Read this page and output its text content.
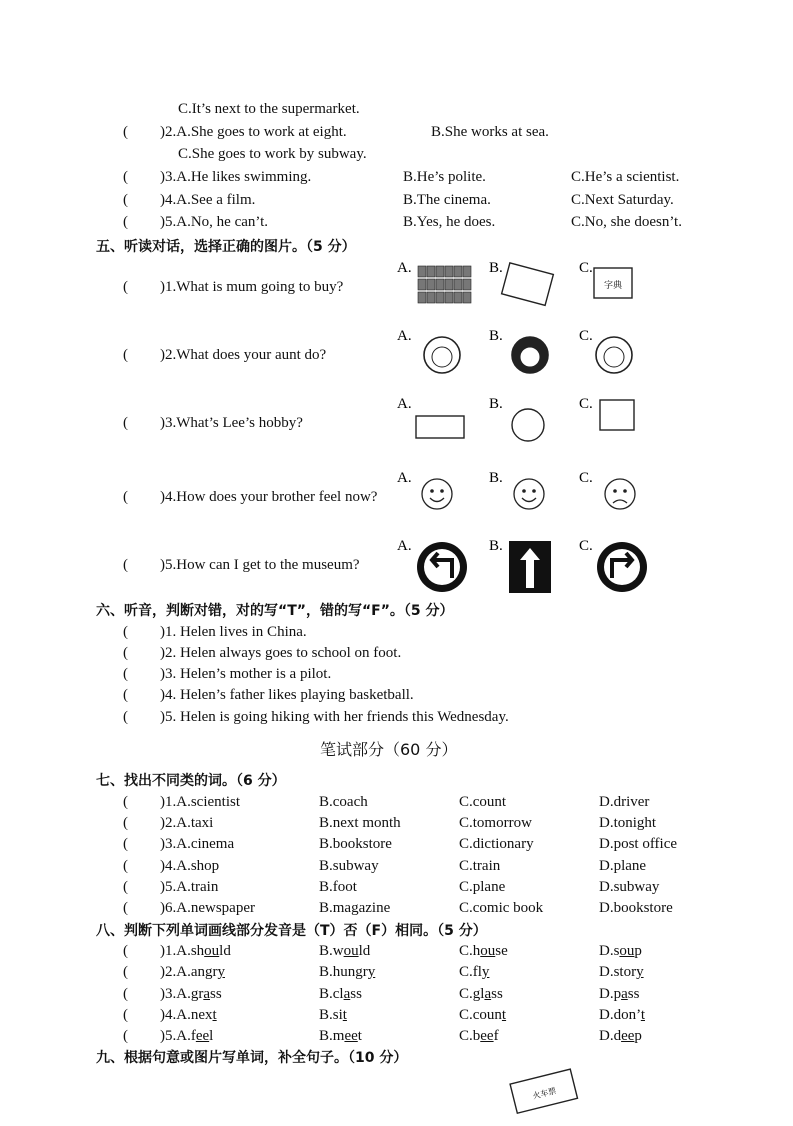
C.It’s next to the supermarket.
( )2.A.She goes to work at eight.	B.She works at sea.
C.She goes to work by subway.
( )3.A.He likes swimming.	B.He’s polite.	C.He’s a scientist.
( )4.A.See a film.	B.The cinema.	C.Next Saturday.
( )5.A.No, he can’t.	B.Yes, he does.	C.No, she doesn’t.
五、听读对话，选择正确的图片。（5 分）
( )1.What is mum going to buy?
( )2.What does your aunt do?
( )3.What’s Lee’s hobby?
( )4.How does your brother feel now?
( )5.How can I get to the museum?
六、听音，判断对错，对的写“T”，错的写“F”。（5 分）
( )1. Helen lives in China.
( )2. Helen always goes to school on foot.
( )3. Helen’s mother is a pilot.
( )4. Helen’s father likes playing basketball.
( )5. Helen is going hiking with her friends this Wednesday.
笔试部分（60 分）
七、找出不同类的词。（6 分）
( )1.A.scientist	B.coach	C.count	D.driver
( )2.A.taxi	B.next month	C.tomorrow	D.tonight
( )3.A.cinema	B.bookstore	C.dictionary	D.post office
( )4.A.shop	B.subway	C.train	D.plane
( )5.A.train	B.foot	C.plane	D.subway
( )6.A.newspaper	B.magazine	C.comic book	D.bookstore
八、判断下列单词画线部分发音是（T）否（F）相同。（5 分）
( )1.A.should	B.would	C.house	D.soup
( )2.A.angry	B.hungry	C.fly	D.story
( )3.A.grass	B.class	C.glass	D.pass
( )4.A.next	B.sit	C.count	D.don’t
( )5.A.feel	B.meet	C.beef	D.deep
九、根据句意或图片写单词，补全句子。（10 分）
火车票
A.	B.	C.
A.	B.	C.
A.	B.	C.
A.	B.	C.
A.	B.	C.
字典
